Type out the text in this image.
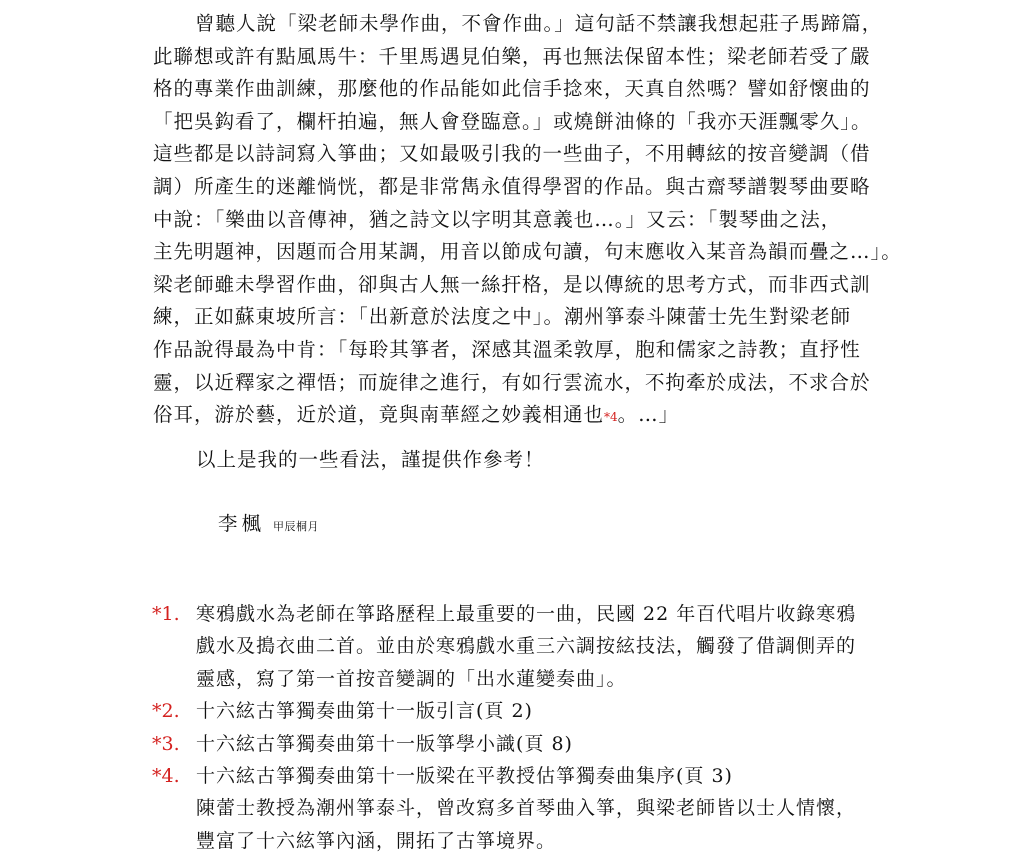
曾聽人說「梁老師未學作曲，不會作曲。」這句話不禁讓我想起莊子馬蹄篇，
此聯想或許有點風馬牛：千里馬遇見伯樂，再也無法保留本性；梁老師若受了嚴
格的專業作曲訓練，那麼他的作品能如此信手捻來，天真自然嗎？譬如舒懷曲的
「把吳鈎看了，欄杆拍遍，無人會登臨意。」或燒餅油條的「我亦天涯飄零久」。
這些都是以詩詞寫入箏曲；又如最吸引我的一些曲子，不用轉絃的按音變調（借
調）所產生的迷離惝恍，都是非常雋永值得學習的作品。與古齋琴譜製琴曲要略
中說：「樂曲以音傳神，猶之詩文以字明其意義也…。」又云：「製琴曲之法，
主先明題神，因題而合用某調，用音以節成句讀，句末應收入某音為韻而疊之…」。
梁老師雖未學習作曲，卻與古人無一絲扞格，是以傳統的思考方式，而非西式訓
練，正如蘇東坡所言：「出新意於法度之中」。潮州箏泰斗陳蕾士先生對梁老師
作品說得最為中肯：「每聆其箏者，深感其溫柔敦厚，胞和儒家之詩教；直抒性
靈，以近釋家之禪悟；而旋律之進行，有如行雲流水，不拘牽於成法，不求合於
俗耳，游於藝，近於道，竟與南華經之妙義相通也*4。…」
以上是我的一些看法，謹提供作參考！
李楓 甲辰桐月
*1. 寒鴉戲水為老師在箏路歷程上最重要的一曲，民國 22 年百代唱片收錄寒鴉
戲水及搗衣曲二首。並由於寒鴉戲水重三六調按絃技法，觸發了借調側弄的
靈感，寫了第一首按音變調的「出水蓮變奏曲」。
*2. 十六絃古箏獨奏曲第十一版引言(頁 2)
*3. 十六絃古箏獨奏曲第十一版箏學小識(頁 8)
*4. 十六絃古箏獨奏曲第十一版梁在平教授估箏獨奏曲集序(頁 3)
陳蕾士教授為潮州箏泰斗，曾改寫多首琴曲入箏，與梁老師皆以士人情懷，
豐富了十六絃箏內涵，開拓了古箏境界。
